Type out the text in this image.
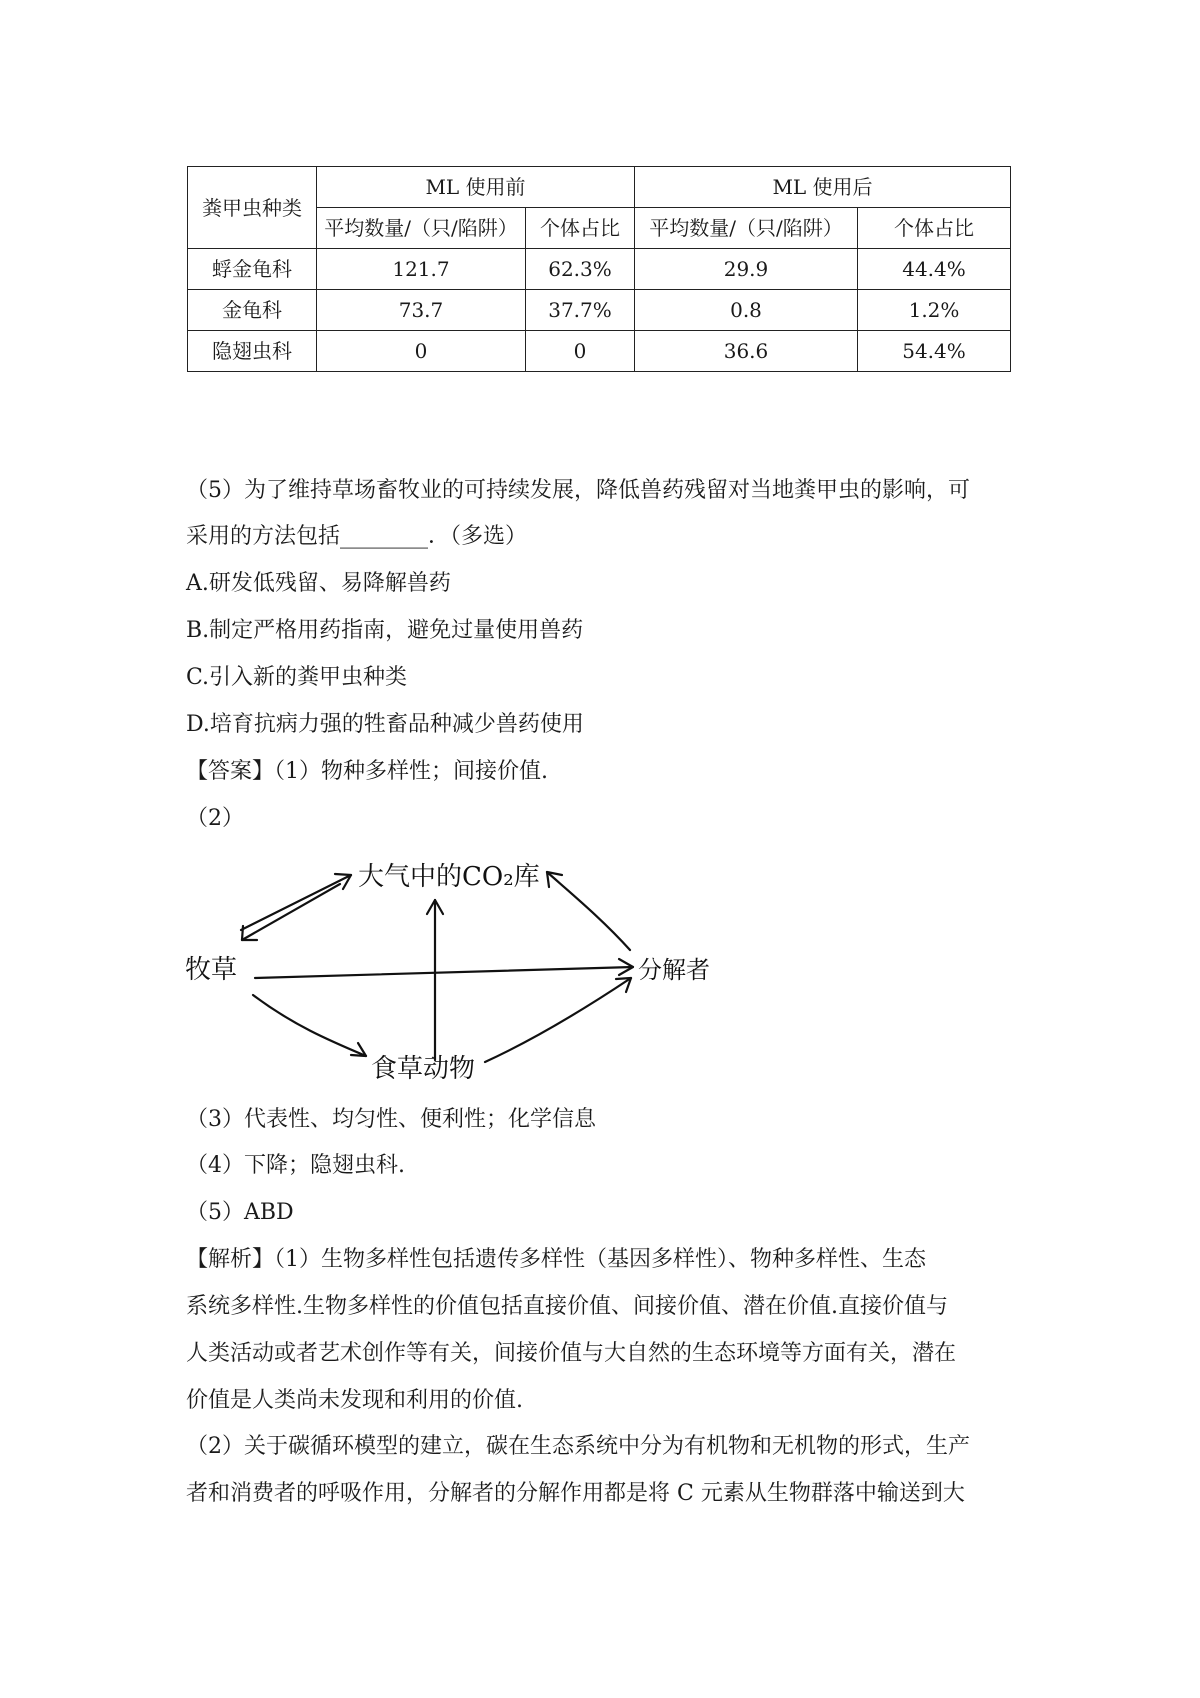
粪甲虫种类	ML 使用前		ML 使用后	
	平均数量/（只/陷阱）	个体占比	平均数量/（只/陷阱）	个体占比
蜉金龟科	121.7	62.3%	29.9	44.4%
金龟科	73.7	37.7%	0.8	1.2%
隐翅虫科	0	0	36.6	54.4%
（5）为了维持草场畜牧业的可持续发展，降低兽药残留对当地粪甲虫的影响，可
采用的方法包括________．（多选）
A.研发低残留、易降解兽药
B.制定严格用药指南，避免过量使用兽药
C.引入新的粪甲虫种类
D.培育抗病力强的牲畜品种减少兽药使用
【答案】（1）物种多样性；间接价值.
（2）
大气中的CO₂库
牧草	分解者
食草动物
（3）代表性、均匀性、便利性；化学信息
（4）下降；隐翅虫科.
（5）ABD
【解析】（1）生物多样性包括遗传多样性（基因多样性）、物种多样性、生态
系统多样性.生物多样性的价值包括直接价值、间接价值、潜在价值.直接价值与
人类活动或者艺术创作等有关，间接价值与大自然的生态环境等方面有关，潜在
价值是人类尚未发现和利用的价值.
（2）关于碳循环模型的建立，碳在生态系统中分为有机物和无机物的形式，生产
者和消费者的呼吸作用，分解者的分解作用都是将 C 元素从生物群落中输送到大
